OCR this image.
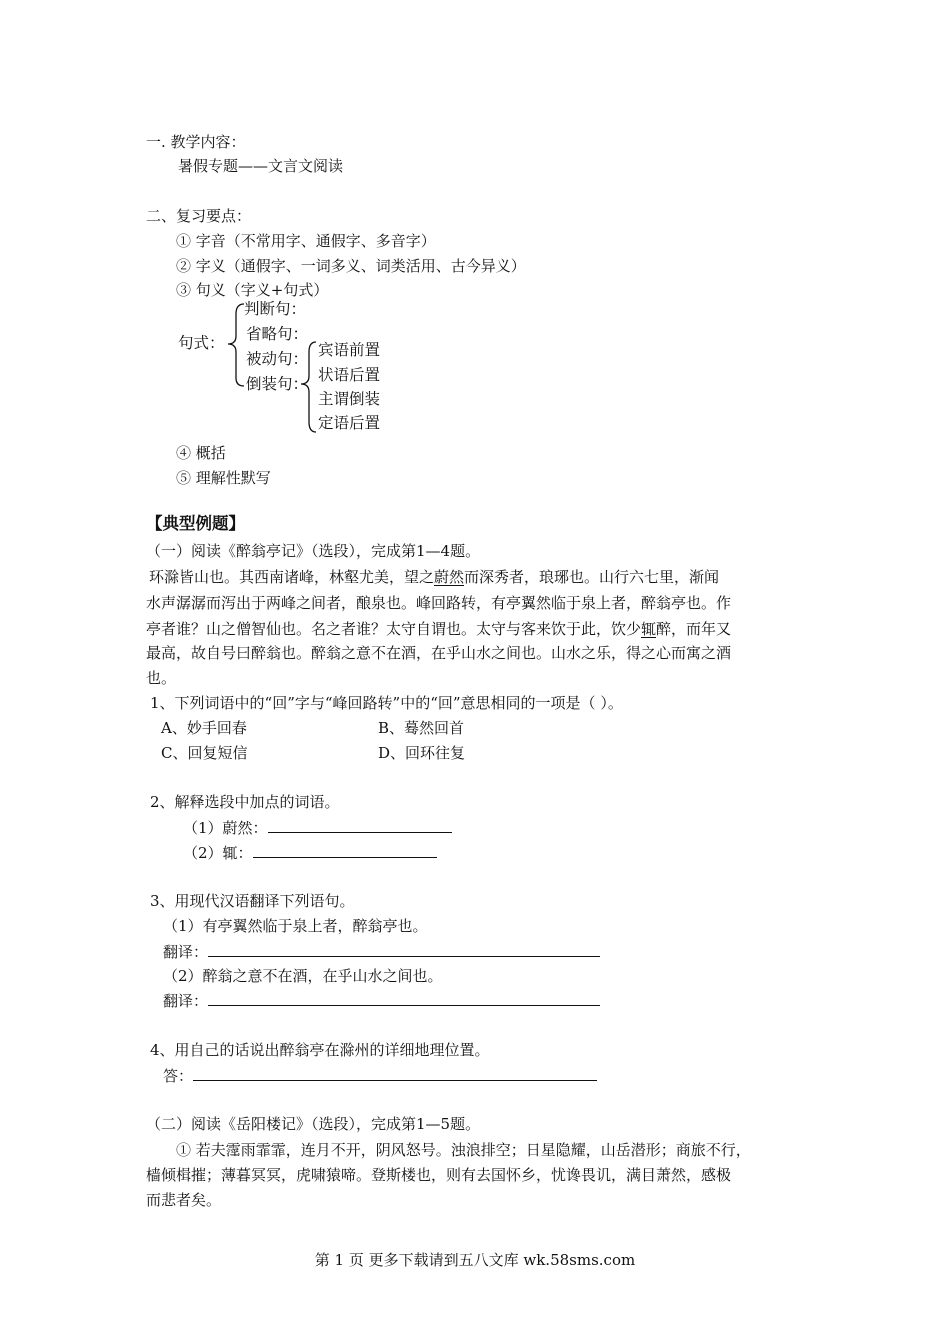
一. 教学内容：
暑假专题——文言文阅读
二、复习要点：
① 字音（不常用字、通假字、多音字）
② 字义（通假字、一词多义、词类活用、古今异义）
③ 句义（字义+句式）
句式：
判断句：
省略句：
被动句：
倒装句：
宾语前置
状语后置
主谓倒装
定语后置
④ 概括
⑤ 理解性默写
【典型例题】
（一）阅读《醉翁亭记》（选段），完成第1—4题。
环滁皆山也。其西南诸峰，林壑尤美，望之蔚然而深秀者，琅琊也。山行六七里，渐闻
水声潺潺而泻出于两峰之间者，酿泉也。峰回路转，有亭翼然临于泉上者，醉翁亭也。作
亭者谁？山之僧智仙也。名之者谁？太守自谓也。太守与客来饮于此，饮少辄醉，而年又
最高，故自号曰醉翁也。醉翁之意不在酒，在乎山水之间也。山水之乐，得之心而寓之酒
也。
1、下列词语中的“回”字与“峰回路转”中的“回”意思相同的一项是（ ）。
A、妙手回春	B、蓦然回首
C、回复短信	D、回环往复
2、解释选段中加点的词语。
（1）蔚然：
（2）辄：
3、用现代汉语翻译下列语句。
（1）有亭翼然临于泉上者，醉翁亭也。
翻译：
（2）醉翁之意不在酒，在乎山水之间也。
翻译：
4、用自己的话说出醉翁亭在滁州的详细地理位置。
答：
（二）阅读《岳阳楼记》（选段），完成第1—5题。
① 若夫霪雨霏霏，连月不开，阴风怒号。浊浪排空；日星隐耀，山岳潜形；商旅不行，
樯倾楫摧；薄暮冥冥，虎啸猿啼。登斯楼也，则有去国怀乡，忧谗畏讥，满目萧然，感极
而悲者矣。
第 1 页 更多下载请到五八文库 wk.58sms.com
